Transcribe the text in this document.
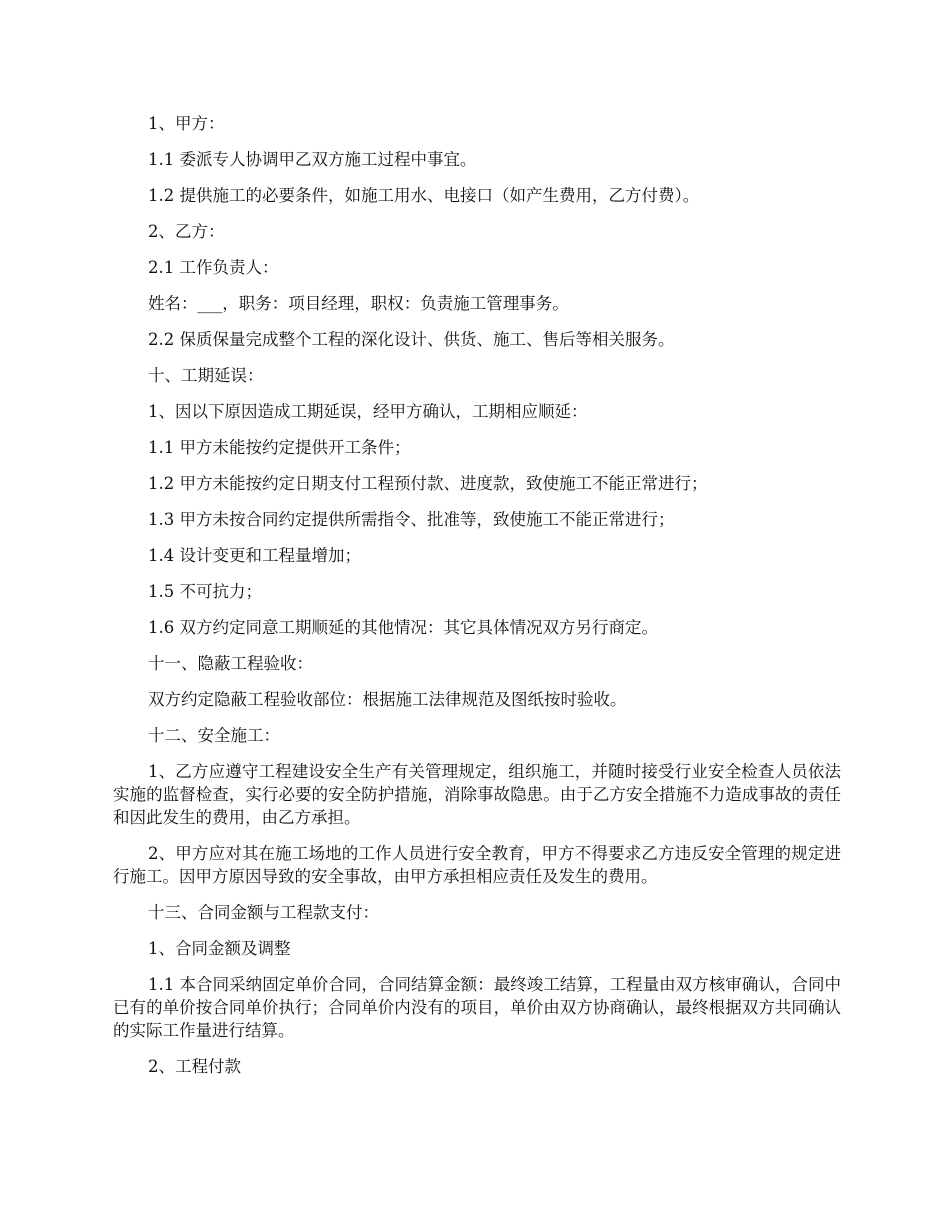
1、甲方：

1.1 委派专人协调甲乙双方施工过程中事宜。

1.2 提供施工的必要条件，如施工用水、电接口（如产生费用，乙方付费）。

2、乙方：

2.1 工作负责人：

姓名：___，职务：项目经理，职权：负责施工管理事务。

2.2 保质保量完成整个工程的深化设计、供货、施工、售后等相关服务。

十、工期延误：

1、因以下原因造成工期延误，经甲方确认，工期相应顺延：

1.1 甲方未能按约定提供开工条件；

1.2 甲方未能按约定日期支付工程预付款、进度款，致使施工不能正常进行；

1.3 甲方未按合同约定提供所需指令、批准等，致使施工不能正常进行；

1.4 设计变更和工程量增加；

1.5 不可抗力；

1.6 双方约定同意工期顺延的其他情况：其它具体情况双方另行商定。

十一、隐蔽工程验收：

双方约定隐蔽工程验收部位：根据施工法律规范及图纸按时验收。

十二、安全施工：

1、乙方应遵守工程建设安全生产有关管理规定，组织施工，并随时接受行业安全检查人员依法实施的监督检查，实行必要的安全防护措施，消除事故隐患。由于乙方安全措施不力造成事故的责任和因此发生的费用，由乙方承担。

2、甲方应对其在施工场地的工作人员进行安全教育，甲方不得要求乙方违反安全管理的规定进行施工。因甲方原因导致的安全事故，由甲方承担相应责任及发生的费用。

十三、合同金额与工程款支付：

1、合同金额及调整

1.1 本合同采纳固定单价合同，合同结算金额：最终竣工结算，工程量由双方核审确认，合同中已有的单价按合同单价执行；合同单价内没有的项目，单价由双方协商确认，最终根据双方共同确认的实际工作量进行结算。

2、工程付款
